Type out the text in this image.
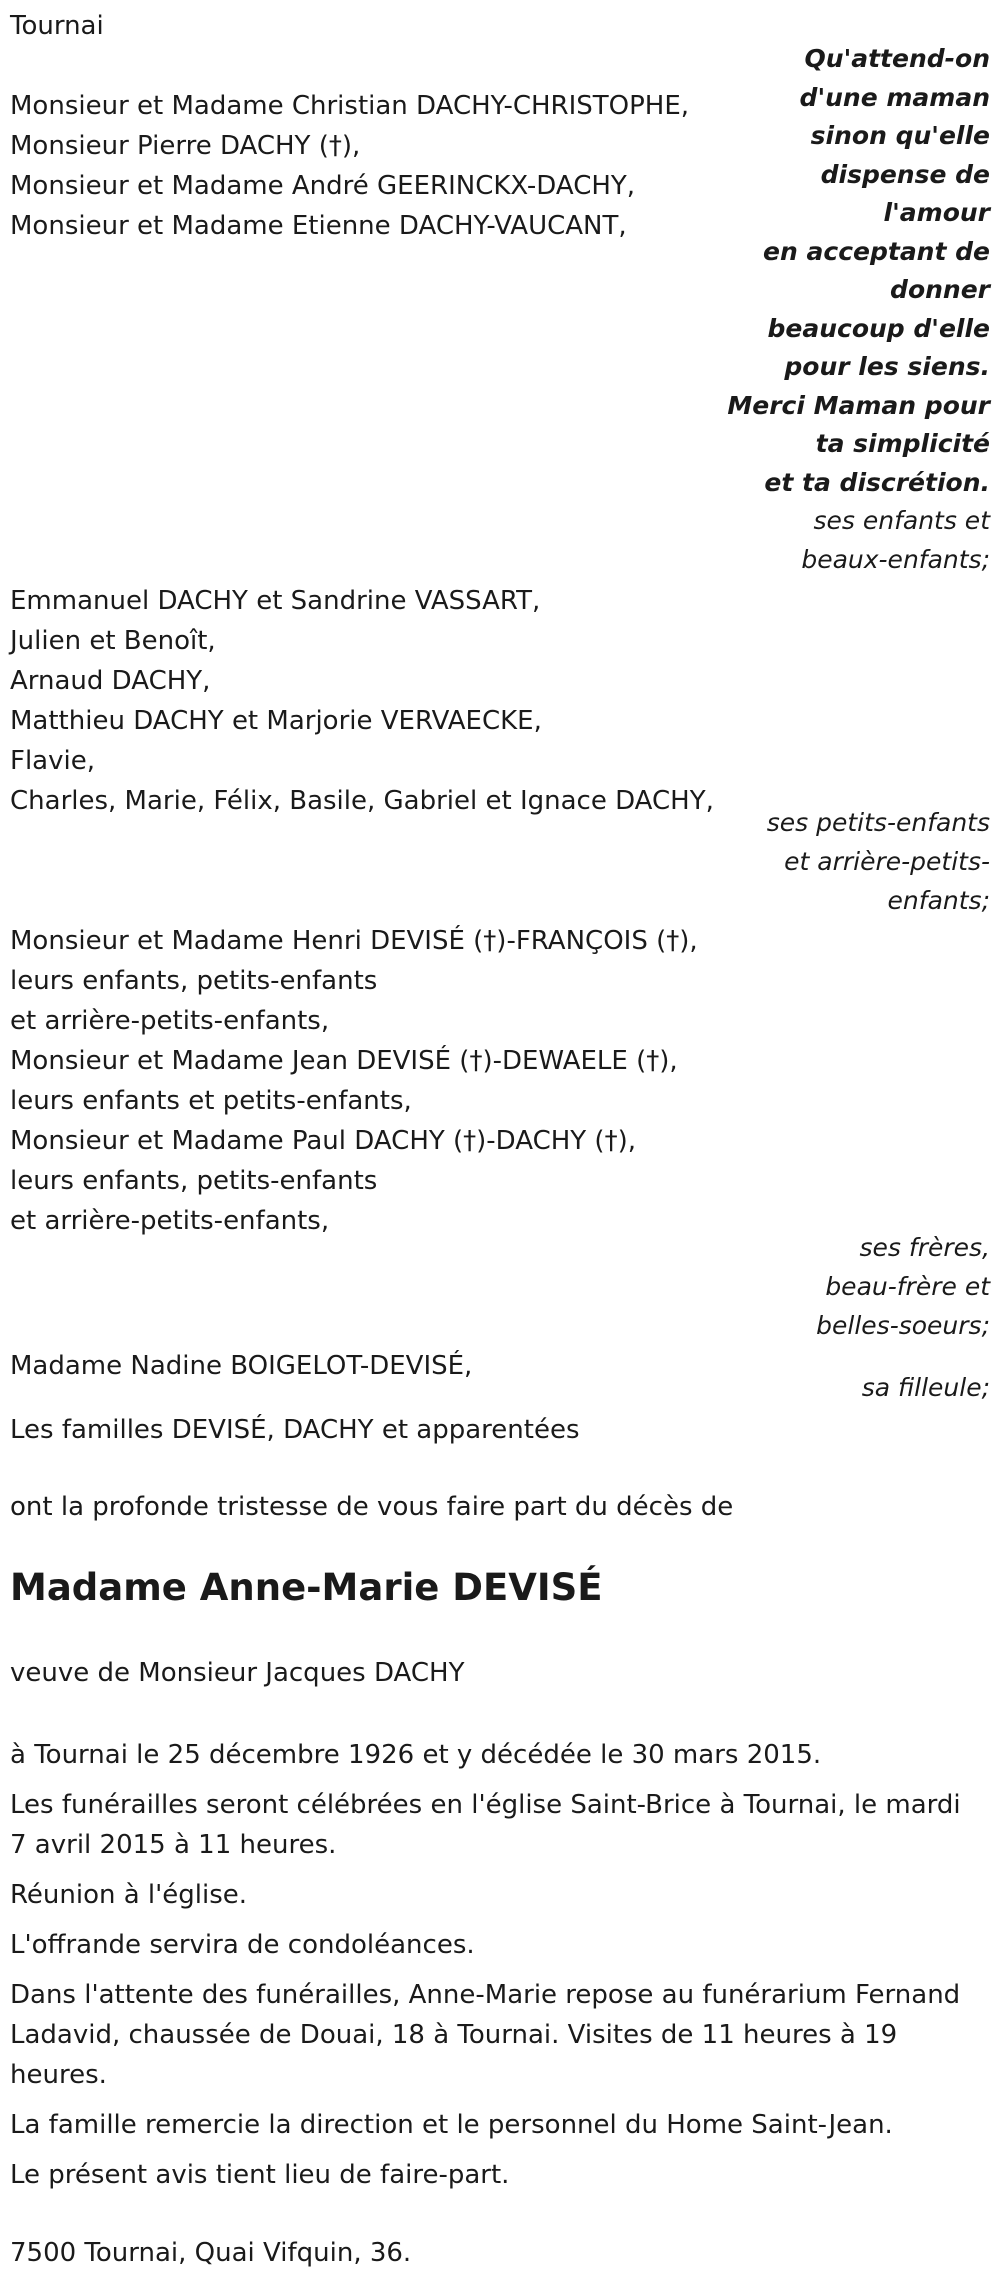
Tournai
Qu'attend-on
d'une maman
sinon qu'elle
dispense de
l'amour
en acceptant de
donner
beaucoup d'elle
pour les siens.
Merci Maman pour
ta simplicité
et ta discrétion.
Monsieur et Madame Christian DACHY-CHRISTOPHE,
Monsieur Pierre DACHY (†),
Monsieur et Madame André GEERINCKX-DACHY,
Monsieur et Madame Etienne DACHY-VAUCANT,
ses enfants et
beaux-enfants;
Emmanuel DACHY et Sandrine VASSART,
Julien et Benoît,
Arnaud DACHY,
Matthieu DACHY et Marjorie VERVAECKE,
Flavie,
Charles, Marie, Félix, Basile, Gabriel et Ignace DACHY,
ses petits-enfants
et arrière-petits-
enfants;
Monsieur et Madame Henri DEVISÉ (†)-FRANÇOIS (†),
leurs enfants, petits-enfants
et arrière-petits-enfants,
Monsieur et Madame Jean DEVISÉ (†)-DEWAELE (†),
leurs enfants et petits-enfants,
Monsieur et Madame Paul DACHY (†)-DACHY (†),
leurs enfants, petits-enfants
et arrière-petits-enfants,
ses frères,
beau-frère et
belles-soeurs;
Madame Nadine BOIGELOT-DEVISÉ,
sa filleule;
Les familles DEVISÉ, DACHY et apparentées
ont la profonde tristesse de vous faire part du décès de
Madame Anne-Marie DEVISÉ
veuve de Monsieur Jacques DACHY
à Tournai le 25 décembre 1926 et y décédée le 30 mars 2015.
Les funérailles seront célébrées en l'église Saint-Brice à Tournai, le mardi 7 avril 2015 à 11 heures.
Réunion à l'église.
L'offrande servira de condoléances.
Dans l'attente des funérailles, Anne-Marie repose au funérarium Fernand Ladavid, chaussée de Douai, 18 à Tournai. Visites de 11 heures à 19 heures.
La famille remercie la direction et le personnel du Home Saint-Jean.
Le présent avis tient lieu de faire-part.
7500 Tournai, Quai Vifquin, 36.
